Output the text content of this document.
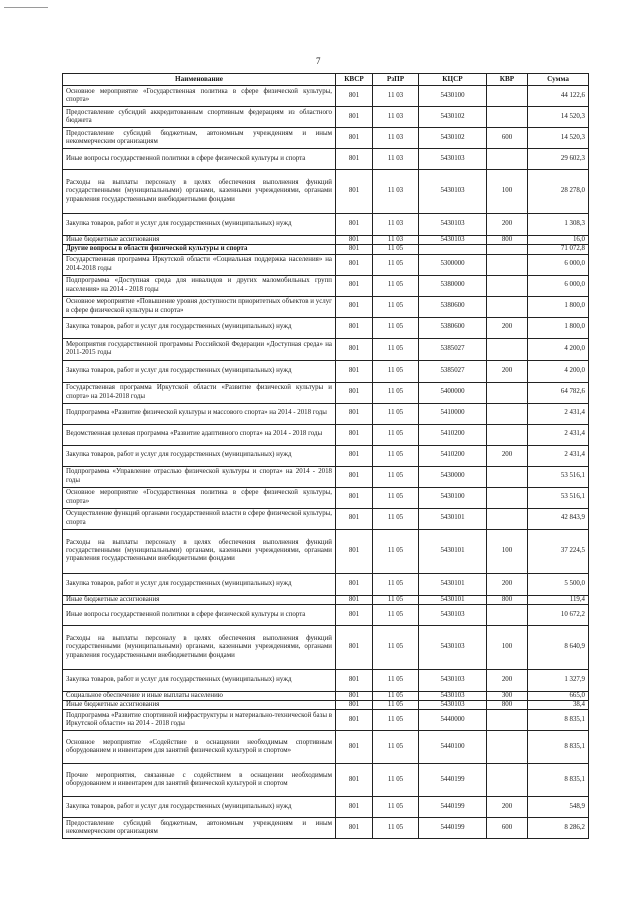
7
Наименование	КВСР	РзПР	КЦСР	КВР	Сумма
Основное мероприятие «Государственная политика в сфере физической культуры, спорта»	801	11 03	5430100		44 122,6
Предоставление субсидий аккредитованным спортивным федерациям из областного бюджета	801	11 03	5430102		14 520,3
Предоставление субсидий бюджетным, автономным учреждениям и иным некоммерческим организациям	801	11 03	5430102	600	14 520,3
Иные вопросы государственной политики в сфере физической культуры и спорта	801	11 03	5430103		29 602,3
Расходы на выплаты персоналу в целях обеспечения выполнения функций государственными (муниципальными) органами, казенными учреждениями, органами управления государственными внебюджетными фондами	801	11 03	5430103	100	28 278,0
Закупка товаров, работ и услуг для государственных (муниципальных) нужд	801	11 03	5430103	200	1 308,3
Иные бюджетные ассигнования	801	11 03	5430103	800	16,0
Другие вопросы в области физической культуры и спорта	801	11 05			71 072,8
Государственная программа Иркутской области «Социальная поддержка населения» на 2014-2018 годы	801	11 05	5300000		6 000,0
Подпрограмма «Доступная среда для инвалидов и других маломобильных групп населения» на 2014 - 2018 годы	801	11 05	5380000		6 000,0
Основное мероприятие «Повышение уровня доступности приоритетных объектов и услуг в сфере физической культуры и спорта»	801	11 05	5380600		1 800,0
Закупка товаров, работ и услуг для государственных (муниципальных) нужд	801	11 05	5380600	200	1 800,0
Мероприятия государственной программы Российской Федерации «Доступная среда» на 2011-2015 годы	801	11 05	5385027		4 200,0
Закупка товаров, работ и услуг для государственных (муниципальных) нужд	801	11 05	5385027	200	4 200,0
Государственная программа Иркутской области «Развитие физической культуры и спорта» на 2014-2018 годы	801	11 05	5400000		64 782,6
Подпрограмма «Развитие физической культуры и массового спорта» на 2014 - 2018 годы	801	11 05	5410000		2 431,4
Ведомственная целевая программа «Развитие адаптивного спорта» на 2014 - 2018 годы	801	11 05	5410200		2 431,4
Закупка товаров, работ и услуг для государственных (муниципальных) нужд	801	11 05	5410200	200	2 431,4
Подпрограмма «Управление отраслью физической культуры и спорта» на 2014 - 2018 годы	801	11 05	5430000		53 516,1
Основное мероприятие «Государственная политика в сфере физической культуры, спорта»	801	11 05	5430100		53 516,1
Осуществление функций органами государственной власти в сфере физической культуры, спорта	801	11 05	5430101		42 843,9
Расходы на выплаты персоналу в целях обеспечения выполнения функций государственными (муниципальными) органами, казенными учреждениями, органами управления государственными внебюджетными фондами	801	11 05	5430101	100	37 224,5
Закупка товаров, работ и услуг для государственных (муниципальных) нужд	801	11 05	5430101	200	5 500,0
Иные бюджетные ассигнования	801	11 05	5430101	800	119,4
Иные вопросы государственной политики в сфере физической культуры и спорта	801	11 05	5430103		10 672,2
Расходы на выплаты персоналу в целях обеспечения выполнения функций государственными (муниципальными) органами, казенными учреждениями, органами управления государственными внебюджетными фондами	801	11 05	5430103	100	8 640,9
Закупка товаров, работ и услуг для государственных (муниципальных) нужд	801	11 05	5430103	200	1 327,9
Социальное обеспечение и иные выплаты населению	801	11 05	5430103	300	665,0
Иные бюджетные ассигнования	801	11 05	5430103	800	38,4
Подпрограмма «Развитие спортивной инфраструктуры и материально-технической базы в Иркутской области» на 2014 - 2018 годы	801	11 05	5440000		8 835,1
Основное мероприятие «Содействие в оснащении необходимым спортивным оборудованием и инвентарем для занятий физической культурой и спортом»	801	11 05	5440100		8 835,1
Прочие мероприятия, связанные с содействием в оснащении необходимым оборудованием и инвентарем для занятий физической культурой и спортом	801	11 05	5440199		8 835,1
Закупка товаров, работ и услуг для государственных (муниципальных) нужд	801	11 05	5440199	200	548,9
Предоставление субсидий бюджетным, автономным учреждениям и иным некоммерческим организациям	801	11 05	5440199	600	8 286,2
